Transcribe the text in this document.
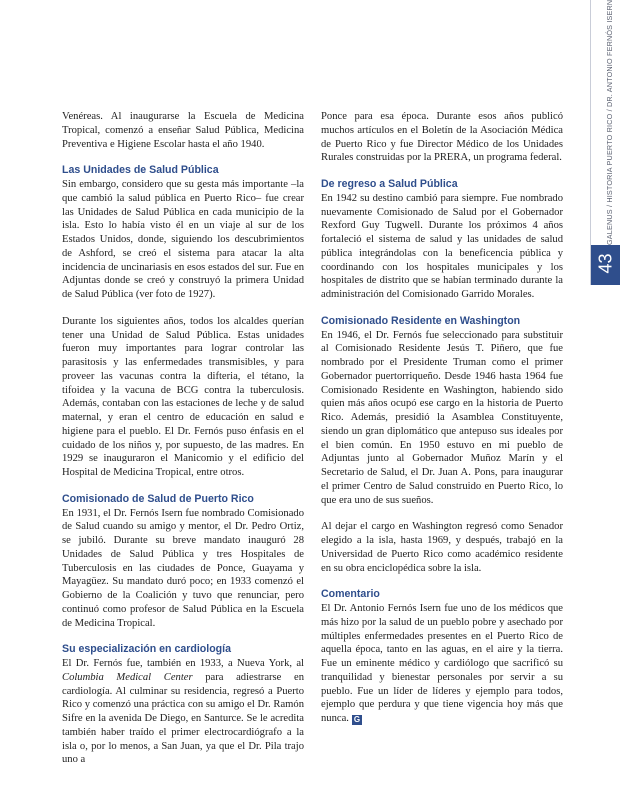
Venéreas. Al inaugurarse la Escuela de Medicina Tropical, comenzó a enseñar Salud Pública, Medicina Preventiva e Higiene Escolar hasta el año 1940.

Las Unidades de Salud Pública

Sin embargo, considero que su gesta más importante –la que cambió la salud pública en Puerto Rico– fue crear las Unidades de Salud Pública en cada municipio de la isla. Esto lo había visto él en un viaje al sur de los Estados Unidos, donde, siguiendo los descubrimientos de Ashford, se creó el sistema para atacar la alta incidencia de uncinariasis en esos estados del sur. Fue en Adjuntas donde se creó y construyó la primera Unidad de Salud Pública (ver foto de 1927).

Durante los siguientes años, todos los alcaldes querían tener una Unidad de Salud Pública. Estas unidades fueron muy importantes para lograr controlar las parasitosis y las enfermedades transmisibles, y para proveer las vacunas contra la difteria, el tétano, la tifoidea y la vacuna de BCG contra la tuberculosis. Además, contaban con las estaciones de leche y de salud maternal, y eran el centro de educación en salud e higiene para el pueblo. El Dr. Fernós puso énfasis en el cuidado de los niños y, por supuesto, de las madres. En 1929 se inauguraron el Manicomio y el edificio del Hospital de Medicina Tropical, entre otros.

Comisionado de Salud de Puerto Rico

En 1931, el Dr. Fernós Isern fue nombrado Comisionado de Salud cuando su amigo y mentor, el Dr. Pedro Ortiz, se jubiló. Durante su breve mandato inauguró 28 Unidades de Salud Pública y tres Hospitales de Tuberculosis en las ciudades de Ponce, Guayama y Mayagüez. Su mandato duró poco; en 1933 comenzó el Gobierno de la Coalición y tuvo que renunciar, pero continuó como profesor de Salud Pública en la Escuela de Medicina Tropical.

Su especialización en cardiología

El Dr. Fernós fue, también en 1933, a Nueva York, al Columbia Medical Center para adiestrarse en cardiología. Al culminar su residencia, regresó a Puerto Rico y comenzó una práctica con su amigo el Dr. Ramón Sifre en la avenida De Diego, en Santurce. Se le acredita también haber traído el primer electrocardiógrafo a la isla o, por lo menos, a San Juan, ya que el Dr. Pila trajo uno a

Ponce para esa época. Durante esos años publicó muchos artículos en el Boletín de la Asociación Médica de Puerto Rico y fue Director Médico de los Unidades Rurales construidas por la PRERA, un programa federal.

De regreso a Salud Pública

En 1942 su destino cambió para siempre. Fue nombrado nuevamente Comisionado de Salud por el Gobernador Rexford Guy Tugwell. Durante los próximos 4 años fortaleció el sistema de salud y las unidades de salud pública integrándolas con la beneficencia pública y coordinando con los hospitales municipales y los hospitales de distrito que se habían terminado durante la administración del Comisionado Garrido Morales.

Comisionado Residente en Washington

En 1946, el Dr. Fernós fue seleccionado para substituir al Comisionado Residente Jesús T. Piñero, que fue nombrado por el Presidente Truman como el primer Gobernador puertorriqueño. Desde 1946 hasta 1964 fue Comisionado Residente en Washington, habiendo sido quien más años ocupó ese cargo en la historia de Puerto Rico. Además, presidió la Asamblea Constituyente, siendo un gran diplomático que antepuso sus ideales por el bien común. En 1950 estuvo en mi pueblo de Adjuntas junto al Gobernador Muñoz Marín y el Secretario de Salud, el Dr. Juan A. Pons, para inaugurar el primer Centro de Salud construido en Puerto Rico, lo que era uno de sus sueños.

Al dejar el cargo en Washington regresó como Senador elegido a la isla, hasta 1969, y después, trabajó en la Universidad de Puerto Rico como académico residente en su obra enciclopédica sobre la isla.

Comentario

El Dr. Antonio Fernós Isern fue uno de los médicos que más hizo por la salud de un pueblo pobre y asechado por múltiples enfermedades presentes en el Puerto Rico de aquella época, tanto en las aguas, en el aire y la tierra. Fue un eminente médico y cardiólogo que sacrificó su tranquilidad y bienestar personales por servir a su pueblo. Fue un líder de líderes y ejemplo para todos, ejemplo que perdura y que tiene vigencia hoy más que nunca. G

GALENUS / HISTORIA PUERTO RICO / DR. ANTONIO FERNÓS ISERN
43
